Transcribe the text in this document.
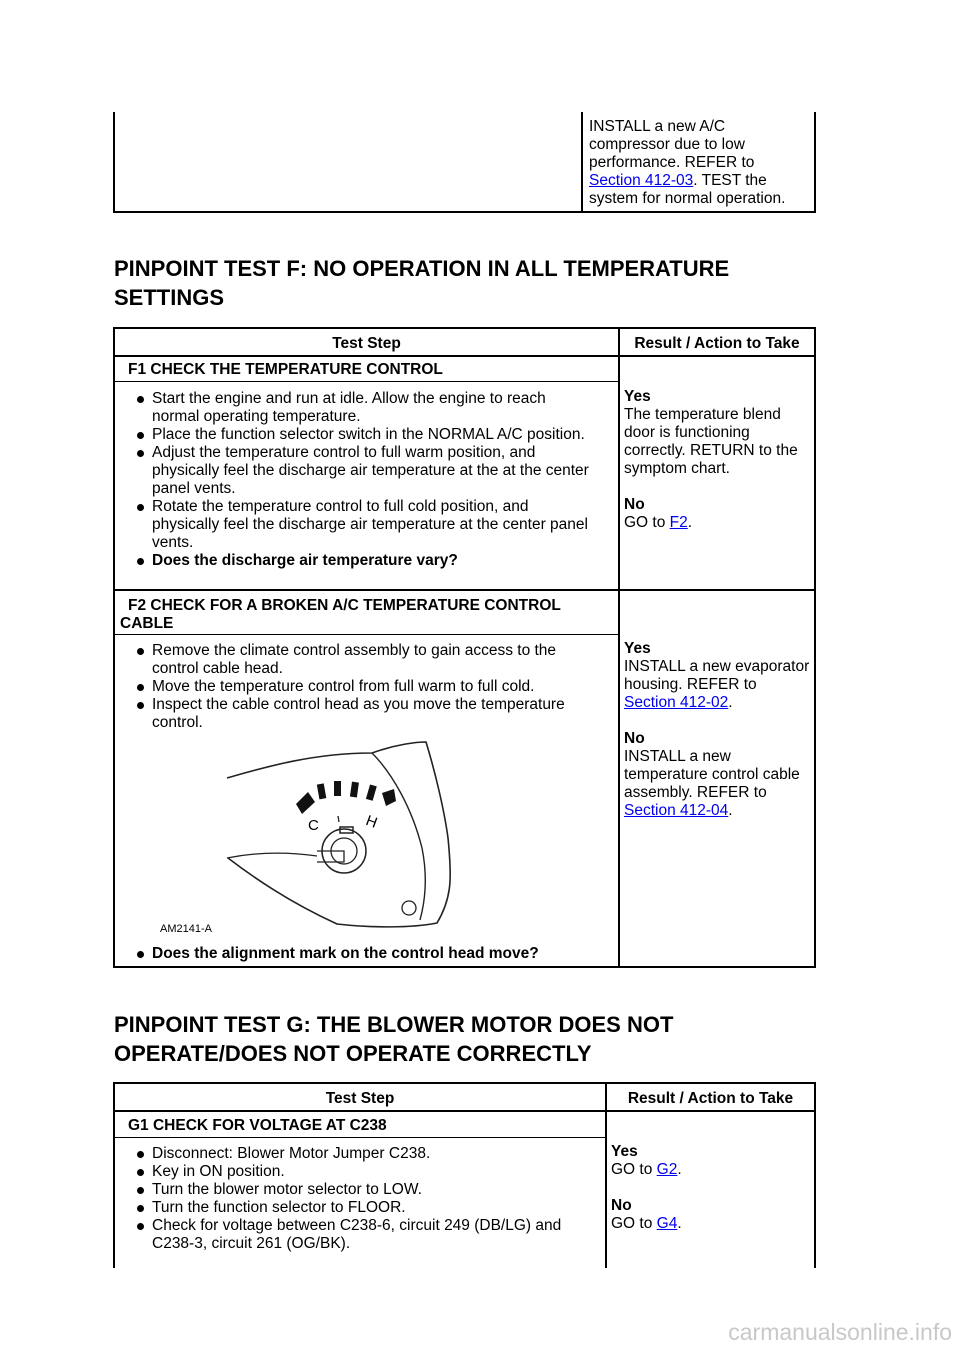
INSTALL a new A/C compressor due to low performance. REFER to
Section 412-03. TEST the system for normal operation.
PINPOINT TEST F: NO OPERATION IN ALL TEMPERATURE
SETTINGS
Test Step	Result / Action to Take
F1 CHECK THE TEMPERATURE CONTROL
Start the engine and run at idle. Allow the engine to reach normal operating temperature.
Place the function selector switch in the NORMAL A/C position.
Adjust the temperature control to full warm position, and physically feel the discharge air temperature at the at the center panel vents.
Rotate the temperature control to full cold position, and physically feel the discharge air temperature at the center panel vents.
Does the discharge air temperature vary?
Yes
The temperature blend door is functioning correctly. RETURN to the symptom chart.

No
GO to F2.
F2 CHECK FOR A BROKEN A/C TEMPERATURE CONTROL
CABLE
Remove the climate control assembly to gain access to the control cable head.
Move the temperature control from full warm to full cold.
Inspect the cable control head as you move the temperature control.
C	H
AM2141-A
Does the alignment mark on the control head move?
Yes
INSTALL a new evaporator housing. REFER to Section 412-02.

No
INSTALL a new temperature control cable assembly. REFER to
Section 412-04.
PINPOINT TEST G: THE BLOWER MOTOR DOES NOT
OPERATE/DOES NOT OPERATE CORRECTLY
Test Step	Result / Action to Take
G1 CHECK FOR VOLTAGE AT C238
Disconnect: Blower Motor Jumper C238.
Key in ON position.
Turn the blower motor selector to LOW.
Turn the function selector to FLOOR.
Check for voltage between C238-6, circuit 249 (DB/LG) and C238-3, circuit 261 (OG/BK).
Yes
GO to G2.

No
GO to G4.
carmanualsonline.info
